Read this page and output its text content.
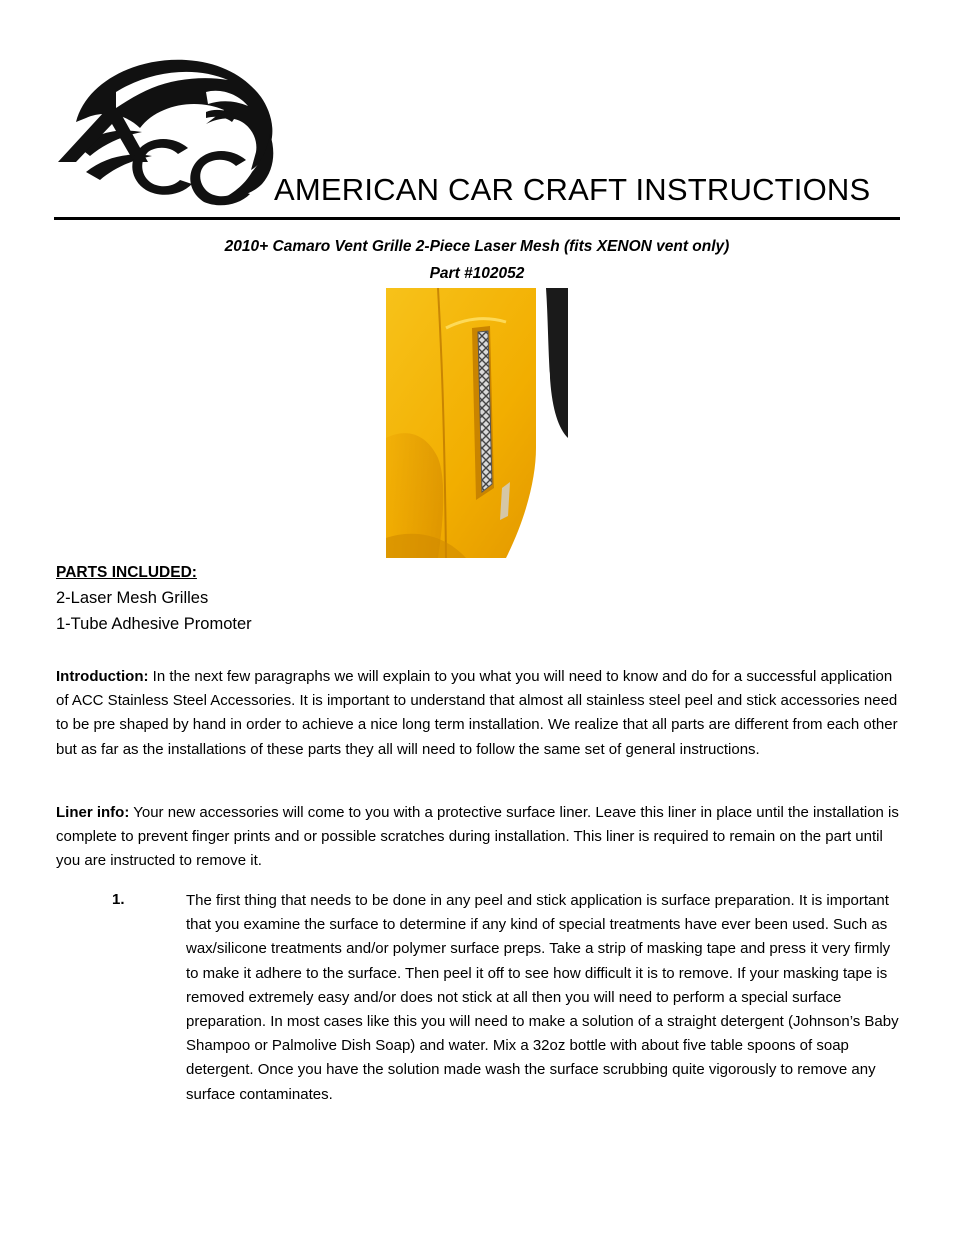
AMERICAN CAR CRAFT INSTRUCTIONS
2010+ Camaro Vent Grille 2-Piece Laser Mesh (fits XENON vent only)
Part #102052
PARTS INCLUDED:
2-Laser Mesh Grilles
1-Tube Adhesive Promoter

Introduction: In the next few paragraphs we will explain to you what you will need to know and do for a successful application of ACC Stainless Steel Accessories. It is important to understand that almost all stainless steel peel and stick accessories need to be pre shaped by hand in order to achieve a nice long term installation. We realize that all parts are different from each other but as far as the installations of these parts they all will need to follow the same set of general instructions.

Liner info: Your new accessories will come to you with a protective surface liner. Leave this liner in place until the installation is complete to prevent finger prints and or possible scratches during installation. This liner is required to remain on the part until you are instructed to remove it.

1.	The first thing that needs to be done in any peel and stick application is surface preparation. It is important that you examine the surface to determine if any kind of special treatments have ever been used. Such as wax/silicone treatments and/or polymer surface preps. Take a strip of masking tape and press it very firmly to make it adhere to the surface. Then peel it off to see how difficult it is to remove. If your masking tape is removed extremely easy and/or does not stick at all then you will need to perform a special surface preparation. In most cases like this you will need to make a solution of a straight detergent (Johnson’s Baby Shampoo or Palmolive Dish Soap) and water. Mix a 32oz bottle with about five table spoons of soap detergent. Once you have the solution made wash the surface scrubbing quite vigorously to remove any surface contaminates.
